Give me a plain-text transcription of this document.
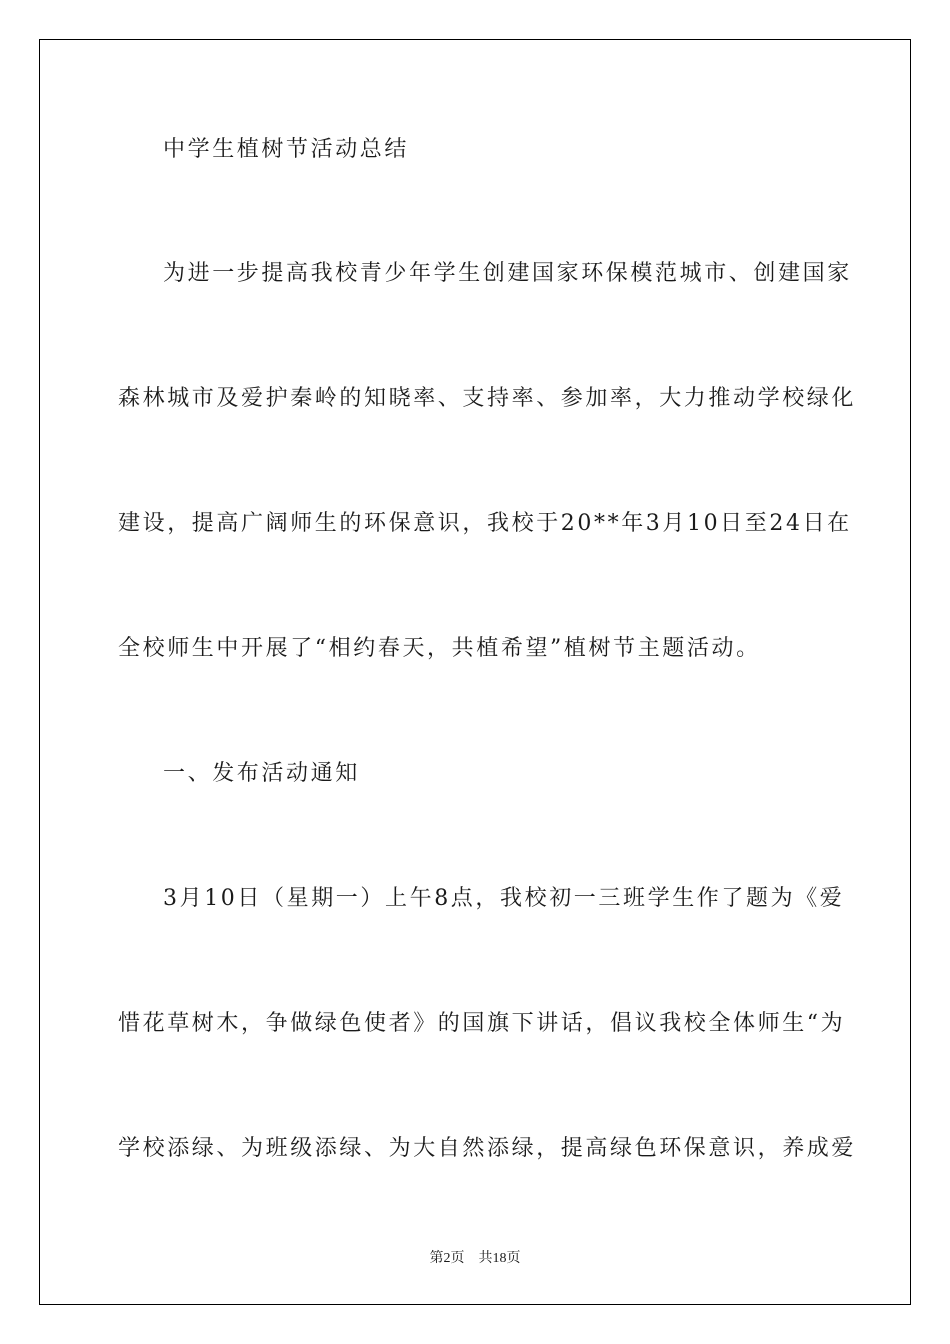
中学生植树节活动总结
为进一步提高我校青少年学生创建国家环保模范城市、创建国家
森林城市及爱护秦岭的知晓率、支持率、参加率，大力推动学校绿化
建设，提高广阔师生的环保意识，我校于20**年3月10日至24日在
全校师生中开展了“相约春天，共植希望”植树节主题活动。
一、发布活动通知
3月10日（星期一）上午8点，我校初一三班学生作了题为《爱
惜花草树木，争做绿色使者》的国旗下讲话，倡议我校全体师生“为
学校添绿、为班级添绿、为大自然添绿，提高绿色环保意识，养成爱
第2页 共18页
